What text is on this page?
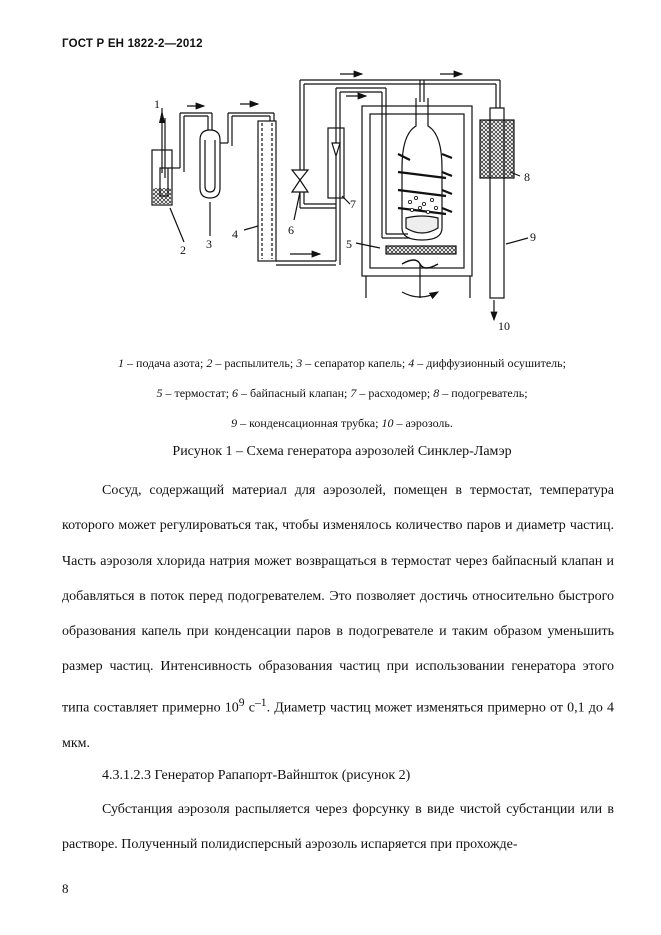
ГОСТ Р ЕН 1822-2—2012
1
2 3
4
5
6
7
8
9
10
1 – подача азота; 2 – распылитель; 3 – сепаратор капель; 4 – диффузионный осушитель;
5 – термостат; 6 – байпасный клапан; 7 – расходомер; 8 – подогреватель;
9 – конденсационная трубка; 10 – аэрозоль.
Рисунок 1 – Схема генератора аэрозолей Синклер-Ламэр
Сосуд, содержащий материал для аэрозолей, помещен в термостат, температура которого может регулироваться так, чтобы изменялось количество паров и диаметр частиц. Часть аэрозоля хлорида натрия может возвращаться в термостат через байпасный клапан и добавляться в поток перед подогревателем. Это позволяет достичь относительно быстрого образования капель при конденсации паров в подогревателе и таким образом уменьшить размер частиц. Интенсивность образования частиц при использовании генератора этого типа составляет примерно $10^9$ $с^{-1}$. Диаметр частиц может изменяться примерно от 0,1 до 4 мкм.
4.3.1.2.3 Генератор Рапапорт-Вайншток (рисунок 2)
Субстанция аэрозоля распыляется через форсунку в виде чистой субстанции или в растворе. Полученный полидисперсный аэрозоль испаряется при прохожде-
8
